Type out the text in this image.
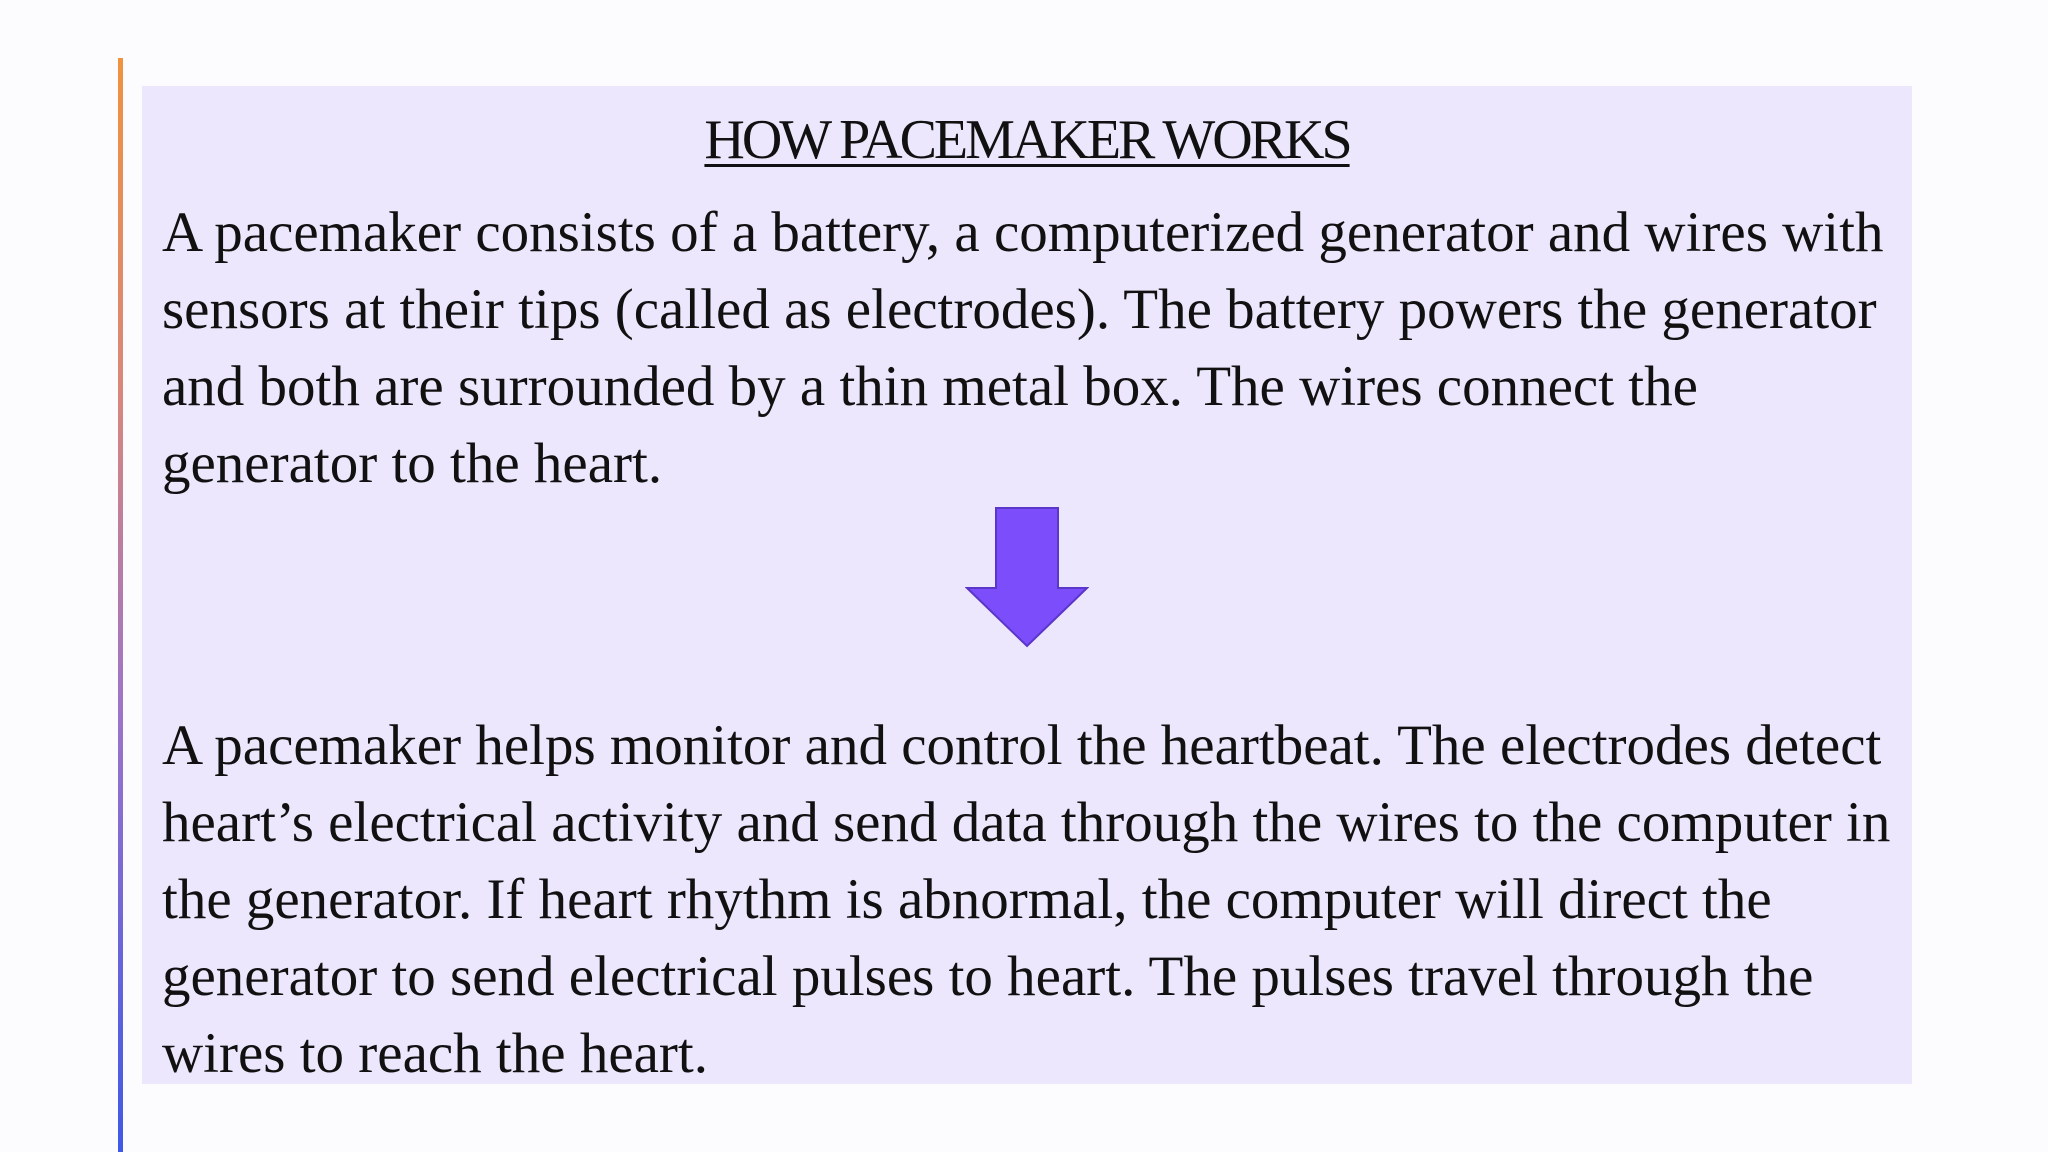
HOW PACEMAKER WORKS

A pacemaker consists of a battery, a computerized generator and wires with sensors at their tips (called as electrodes). The battery powers the generator and both are surrounded by a thin metal box. The wires connect the generator to the heart.

A pacemaker helps monitor and control the heartbeat. The electrodes detect heart’s electrical activity and send data through the wires to the computer in the generator. If heart rhythm is abnormal, the computer will direct the generator to send electrical pulses to heart. The pulses travel through the wires to reach the heart.
